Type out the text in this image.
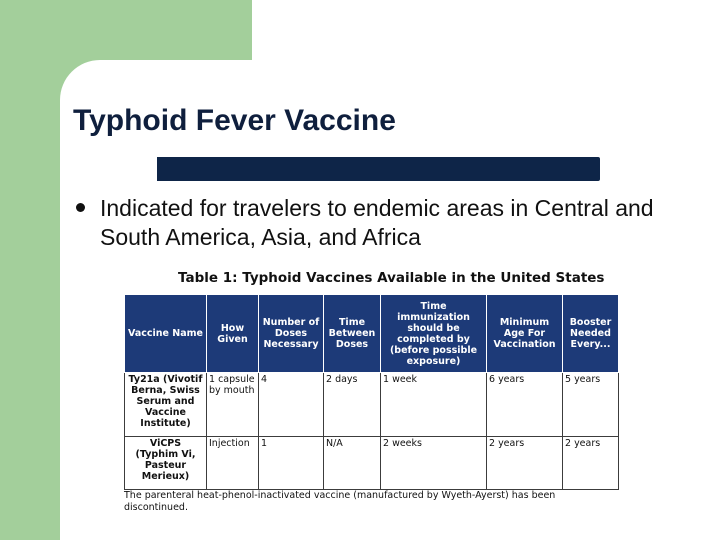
Typhoid Fever Vaccine
Indicated for travelers to endemic areas in Central and South America, Asia, and Africa
Table 1: Typhoid Vaccines Available in the United States
Vaccine Name	How Given	Number of Doses Necessary	Time Between Doses	Time immunization should be completed by (before possible exposure)	Minimum Age For Vaccination	Booster Needed Every...
Ty21a (Vivotif Berna, Swiss Serum and Vaccine Institute)	1 capsule by mouth	4	2 days	1 week	6 years	5 years
ViCPS (Typhim Vi, Pasteur Merieux)	Injection	1	N/A	2 weeks	2 years	2 years
The parenteral heat-phenol-inactivated vaccine (manufactured by Wyeth-Ayerst) has been discontinued.
